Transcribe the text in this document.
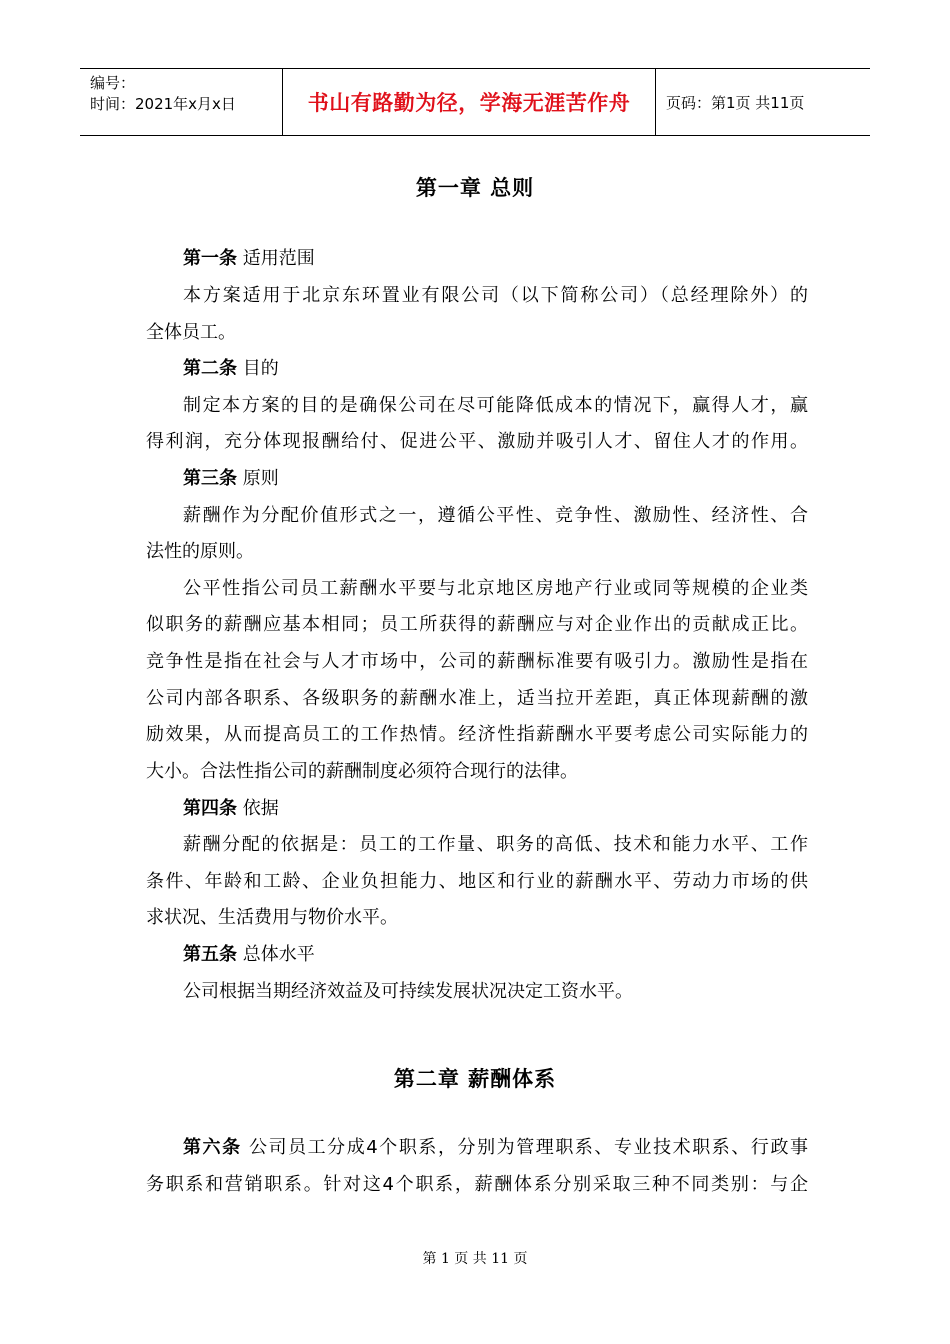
编号：
时间：2021年x月x日	书山有路勤为径，学海无涯苦作舟	页码：第1页 共11页
第一章 总则
第一条 适用范围
本方案适用于北京东环置业有限公司（以下简称公司）（总经理除外）的
全体员工。
第二条 目的
制定本方案的目的是确保公司在尽可能降低成本的情况下，赢得人才，赢
得利润，充分体现报酬给付、促进公平、激励并吸引人才、留住人才的作用。
第三条 原则
薪酬作为分配价值形式之一，遵循公平性、竞争性、激励性、经济性、合
法性的原则。
公平性指公司员工薪酬水平要与北京地区房地产行业或同等规模的企业类
似职务的薪酬应基本相同；员工所获得的薪酬应与对企业作出的贡献成正比。
竞争性是指在社会与人才市场中，公司的薪酬标准要有吸引力。激励性是指在
公司内部各职系、各级职务的薪酬水准上，适当拉开差距，真正体现薪酬的激
励效果，从而提高员工的工作热情。经济性指薪酬水平要考虑公司实际能力的
大小。合法性指公司的薪酬制度必须符合现行的法律。
第四条 依据
薪酬分配的依据是：员工的工作量、职务的高低、技术和能力水平、工作
条件、年龄和工龄、企业负担能力、地区和行业的薪酬水平、劳动力市场的供
求状况、生活费用与物价水平。
第五条 总体水平
公司根据当期经济效益及可持续发展状况决定工资水平。
第二章 薪酬体系
第六条 公司员工分成4个职系，分别为管理职系、专业技术职系、行政事
务职系和营销职系。针对这4个职系，薪酬体系分别采取三种不同类别：与企
第 1 页 共 11 页
